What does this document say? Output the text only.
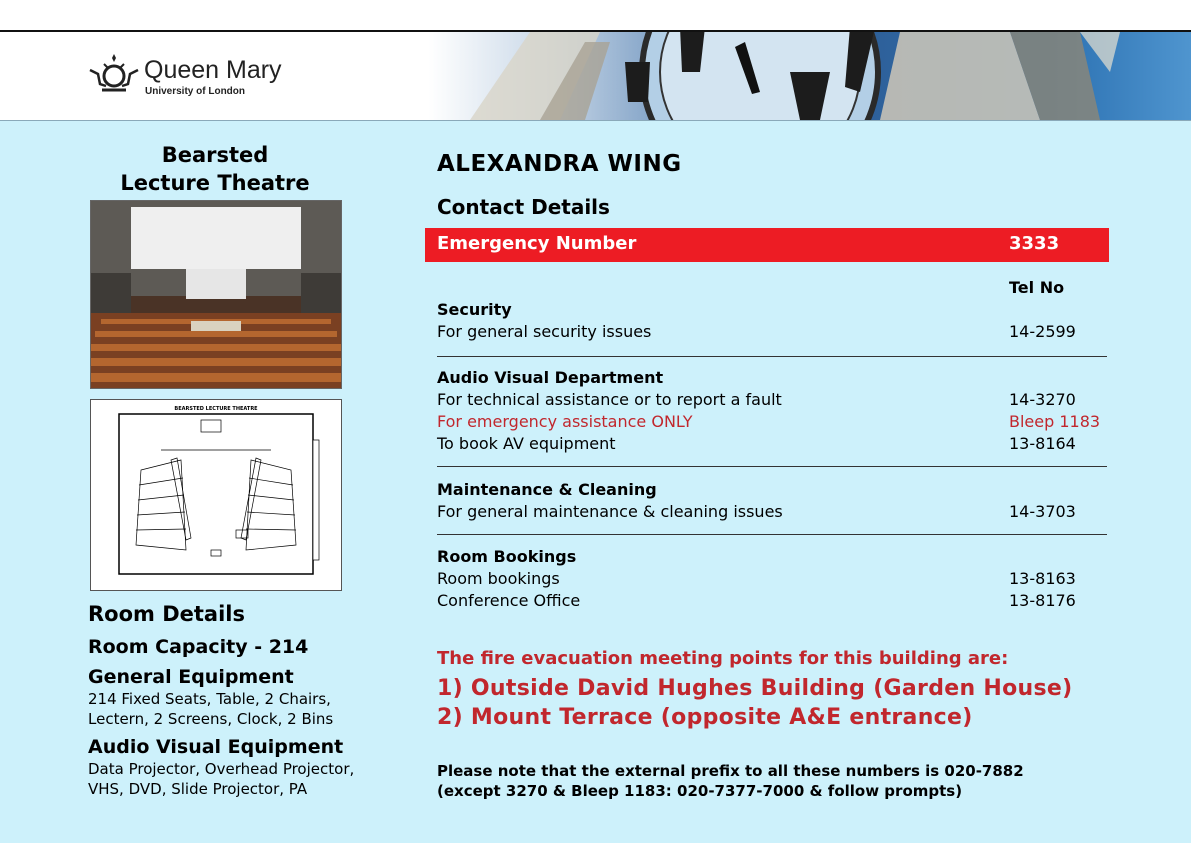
Queen Mary
University of London
Bearsted
Lecture Theatre
BEARSTED LECTURE THEATRE
Room Details
Room Capacity - 214
General Equipment
214 Fixed Seats, Table, 2 Chairs,
Lectern, 2 Screens, Clock, 2 Bins
Audio Visual Equipment
Data Projector, Overhead Projector,
VHS, DVD, Slide Projector, PA
ALEXANDRA WING
Contact Details
Emergency Number	3333
Tel No
Security
For general security issues	14-2599
Audio Visual Department
For technical assistance or to report a fault	14-3270
For emergency assistance ONLY	Bleep 1183
To book AV equipment	13-8164
Maintenance & Cleaning
For general maintenance & cleaning issues	14-3703
Room Bookings
Room bookings	13-8163
Conference Office	13-8176
The fire evacuation meeting points for this building are:
1) Outside David Hughes Building (Garden House)
2) Mount Terrace (opposite A&E entrance)
Please note that the external prefix to all these numbers is 020-7882
(except 3270 & Bleep 1183: 020-7377-7000 & follow prompts)
